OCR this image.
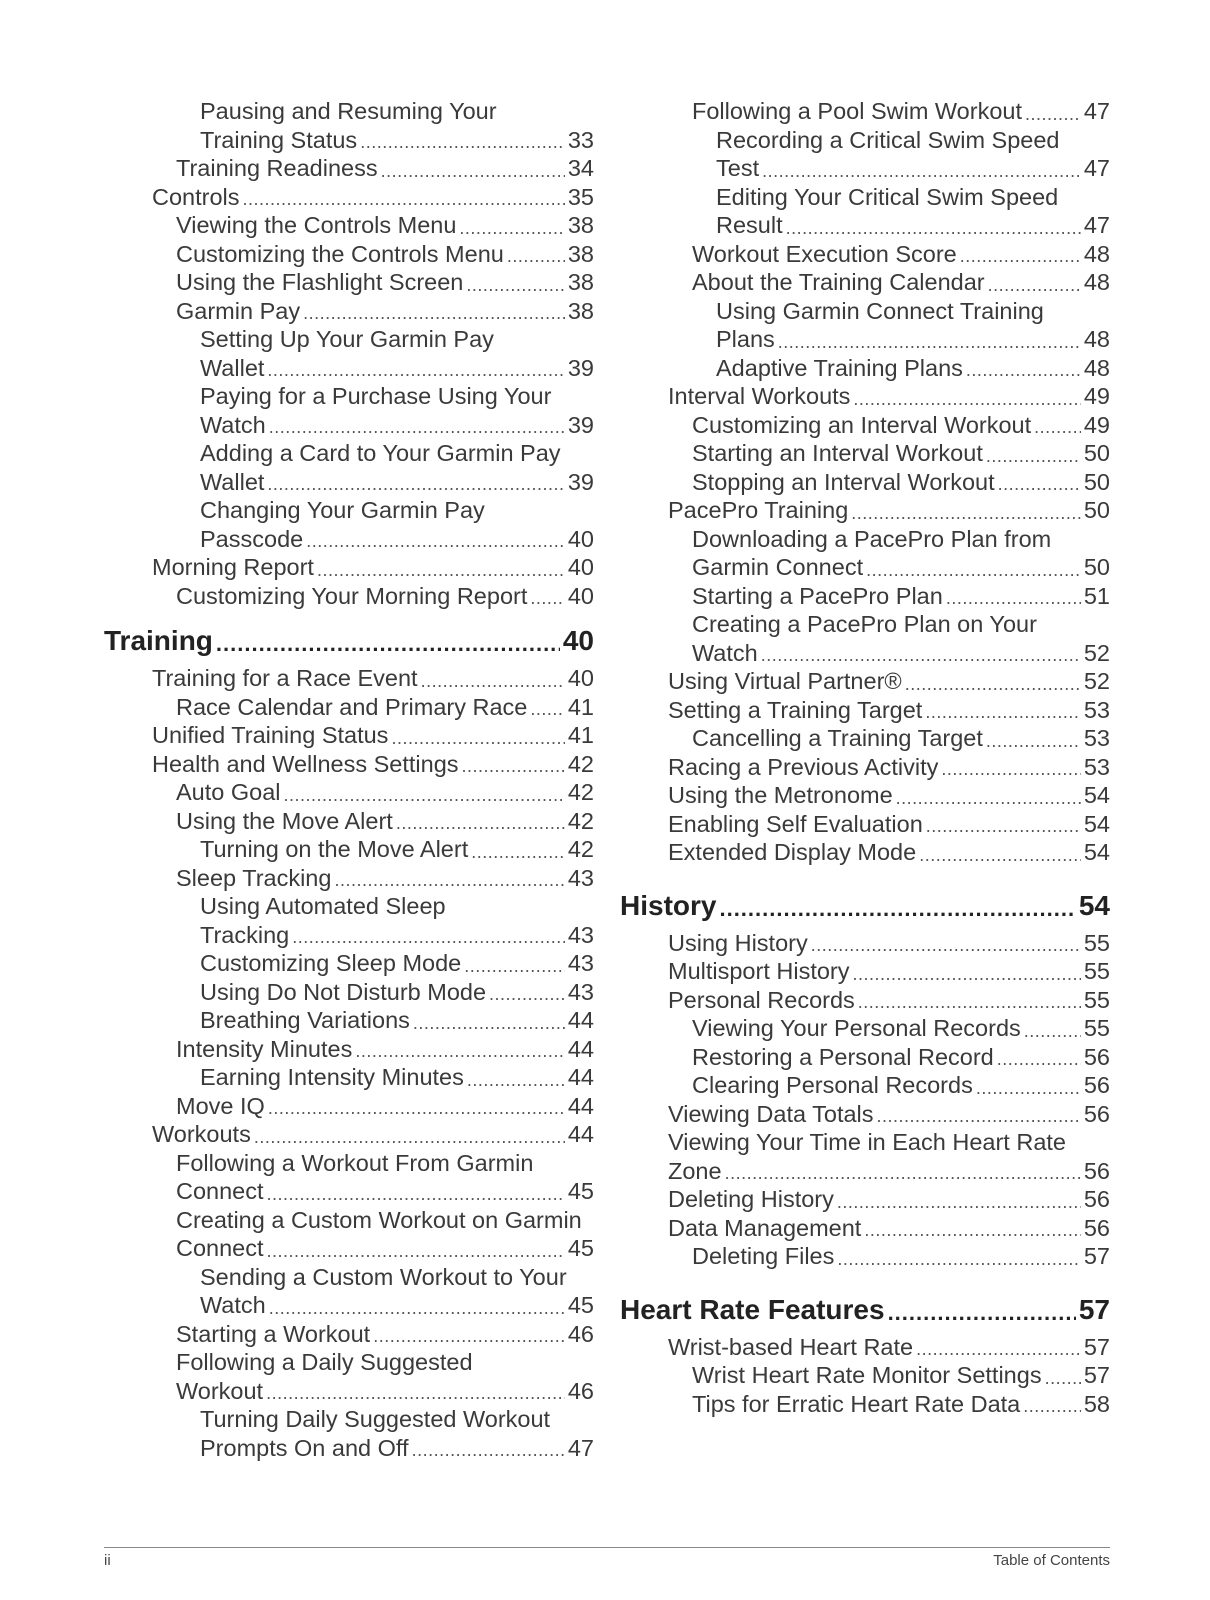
Pausing and Resuming Your
Training Status .....	33
Training Readiness .....	34
Controls .....	35
Viewing the Controls Menu .....	38
Customizing the Controls Menu .....	38
Using the Flashlight Screen .....	38
Garmin Pay .....	38
Setting Up Your Garmin Pay
Wallet .....	39
Paying for a Purchase Using Your
Watch .....	39
Adding a Card to Your Garmin Pay
Wallet .....	39
Changing Your Garmin Pay
Passcode .....	40
Morning Report .....	40
Customizing Your Morning Report ..... 40
Training .....	40
Training for a Race Event .....	40
Race Calendar and Primary Race ..... 41
Unified Training Status .....	41
Health and Wellness Settings .....	42
Auto Goal .....	42
Using the Move Alert .....	42
Turning on the Move Alert .....	42
Sleep Tracking .....	43
Using Automated Sleep
Tracking .....	43
Customizing Sleep Mode .....	43
Using Do Not Disturb Mode .....	43
Breathing Variations .....	44
Intensity Minutes .....	44
Earning Intensity Minutes .....	44
Move IQ .....	44
Workouts .....	44
Following a Workout From Garmin
Connect .....	45
Creating a Custom Workout on Garmin
Connect .....	45
Sending a Custom Workout to Your
Watch .....	45
Starting a Workout .....	46
Following a Daily Suggested
Workout .....	46
Turning Daily Suggested Workout
Prompts On and Off .....	47
Following a Pool Swim Workout .....	47
Recording a Critical Swim Speed
Test .....	47
Editing Your Critical Swim Speed
Result .....	47
Workout Execution Score .....	48
About the Training Calendar .....	48
Using Garmin Connect Training
Plans .....	48
Adaptive Training Plans .....	48
Interval Workouts .....	49
Customizing an Interval Workout ..... 49
Starting an Interval Workout .....	50
Stopping an Interval Workout .....	50
PacePro Training .....	50
Downloading a PacePro Plan from
Garmin Connect .....	50
Starting a PacePro Plan .....	51
Creating a PacePro Plan on Your
Watch .....	52
Using Virtual Partner® .....	52
Setting a Training Target .....	53
Cancelling a Training Target .....	53
Racing a Previous Activity .....	53
Using the Metronome .....	54
Enabling Self Evaluation .....	54
Extended Display Mode .....	54
History .....	54
Using History .....	55
Multisport History .....	55
Personal Records .....	55
Viewing Your Personal Records .....	55
Restoring a Personal Record .....	56
Clearing Personal Records .....	56
Viewing Data Totals .....	56
Viewing Your Time in Each Heart Rate
Zone .....	56
Deleting History .....	56
Data Management .....	56
Deleting Files .....	57
Heart Rate Features .....	57
Wrist-based Heart Rate .....	57
Wrist Heart Rate Monitor Settings ..... 57
Tips for Erratic Heart Rate Data .....	58
ii	Table of Contents
